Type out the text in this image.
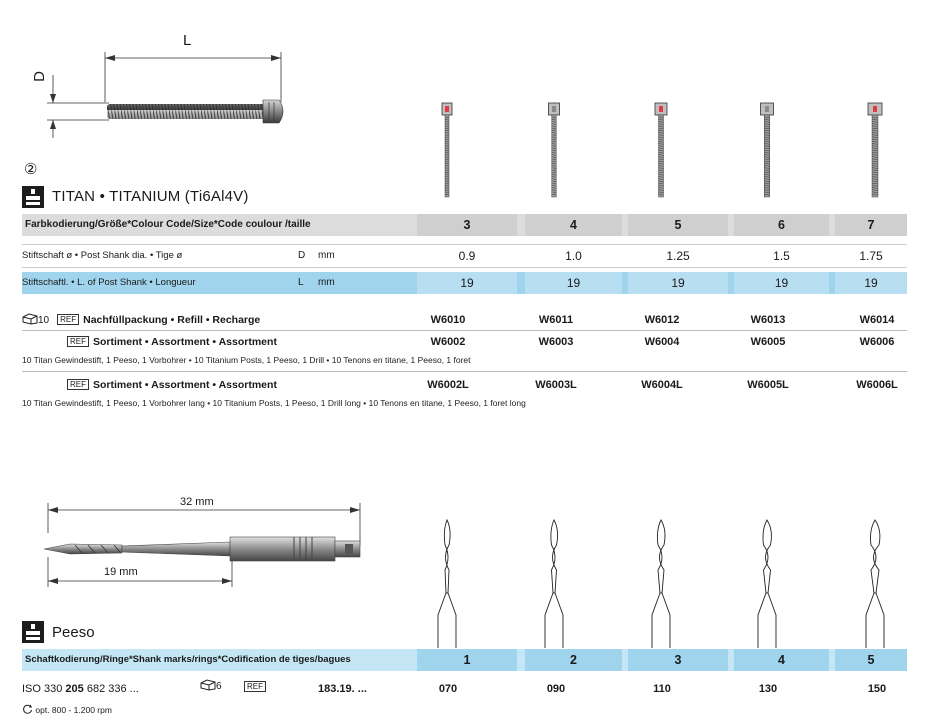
L
D
②
TITAN • TITANIUM (Ti6Al4V)
Farbkodierung/Größe*Colour Code/Size*Code coulour /taille	3	4	5	6	7
Stiftschaft ø • Post Shank dia. • Tige ø	D mm	0.9	1.0	1.25	1.5	1.75
Stiftschaftl. • L. of Post Shank • Longueur	L mm	19	19	19	19	19
10 REF Nachfüllpackung • Refill • Recharge	W6010	W6011	W6012	W6013	W6014
REF Sortiment • Assortment • Assortment	W6002	W6003	W6004	W6005	W6006
10 Titan Gewindestift, 1 Peeso, 1 Vorbohrer • 10 Titanium Posts, 1 Peeso, 1 Drill • 10 Tenons en titane, 1 Peeso, 1 foret
REF Sortiment • Assortment • Assortment	W6002L	W6003L	W6004L	W6005L	W6006L
10 Titan Gewindestift, 1 Peeso, 1 Vorbohrer lang • 10 Titanium Posts, 1 Peeso, 1 Drill long • 10 Tenons en titane, 1 Peeso, 1 foret long
32 mm
19 mm
Peeso
Schaftkodierung/Ringe*Shank marks/rings*Codification de tiges/bagues	1	2	3	4	5
ISO 330 205 682 336 ...	6	REF	183.19. ...	070	090	110	130	150
opt. 800 - 1.200 rpm
